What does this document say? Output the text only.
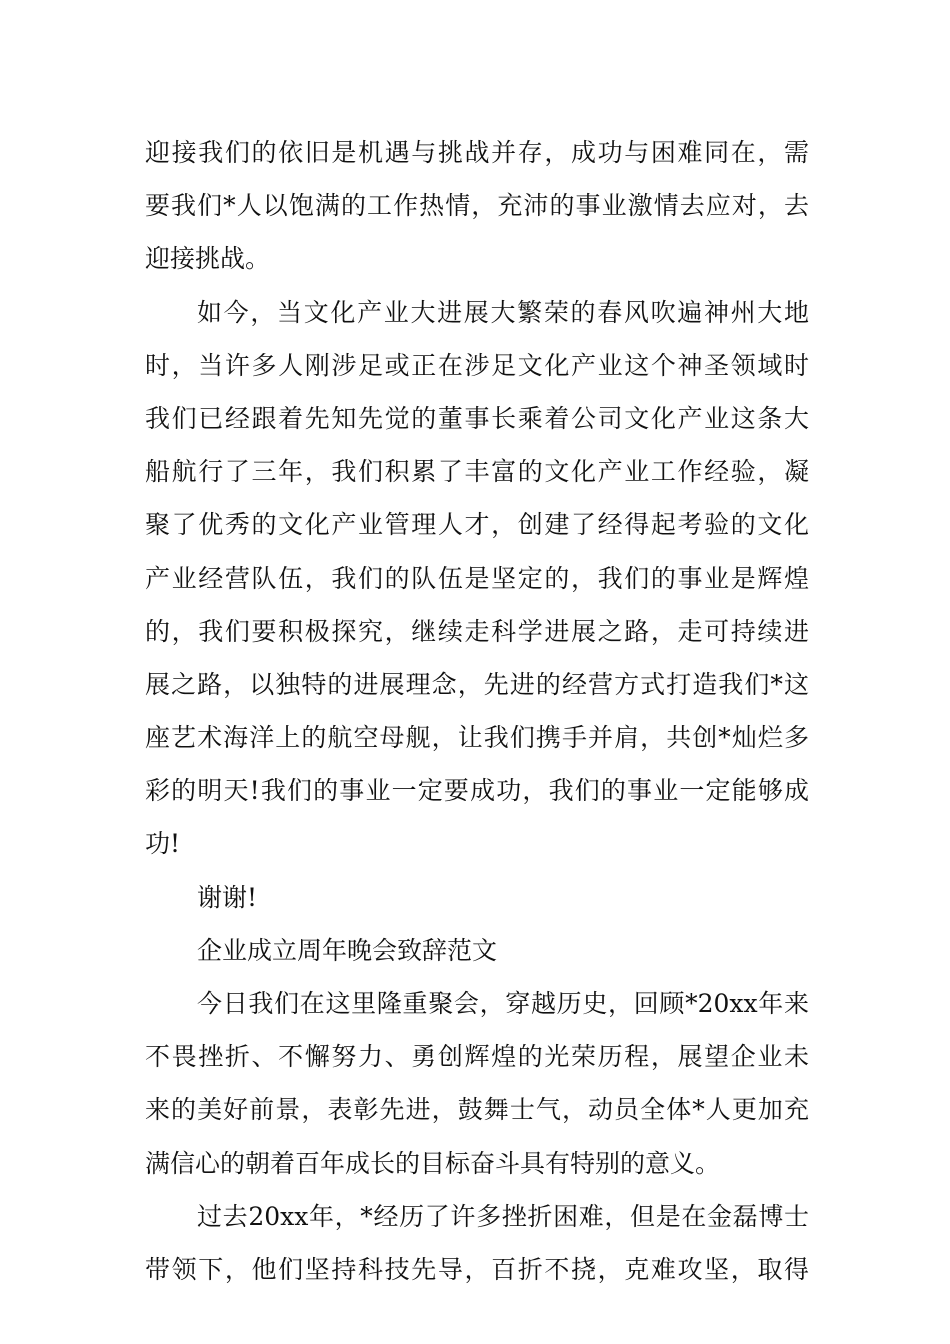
迎接我们的依旧是机遇与挑战并存，成功与困难同在，需
要我们*人以饱满的工作热情，充沛的事业激情去应对，去
迎接挑战。
如今，当文化产业大进展大繁荣的春风吹遍神州大地
时，当许多人刚涉足或正在涉足文化产业这个神圣领域时
我们已经跟着先知先觉的董事长乘着公司文化产业这条大
船航行了三年，我们积累了丰富的文化产业工作经验，凝
聚了优秀的文化产业管理人才，创建了经得起考验的文化
产业经营队伍，我们的队伍是坚定的，我们的事业是辉煌
的，我们要积极探究，继续走科学进展之路，走可持续进
展之路，以独特的进展理念，先进的经营方式打造我们*这
座艺术海洋上的航空母舰，让我们携手并肩，共创*灿烂多
彩的明天!我们的事业一定要成功，我们的事业一定能够成
功!
谢谢!
企业成立周年晚会致辞范文
今日我们在这里隆重聚会，穿越历史，回顾*20xx年来
不畏挫折、不懈努力、勇创辉煌的光荣历程，展望企业未
来的美好前景，表彰先进，鼓舞士气，动员全体*人更加充
满信心的朝着百年成长的目标奋斗具有特别的意义。
过去20xx年，*经历了许多挫折困难，但是在金磊博士
带领下，他们坚持科技先导，百折不挠，克难攻坚，取得
